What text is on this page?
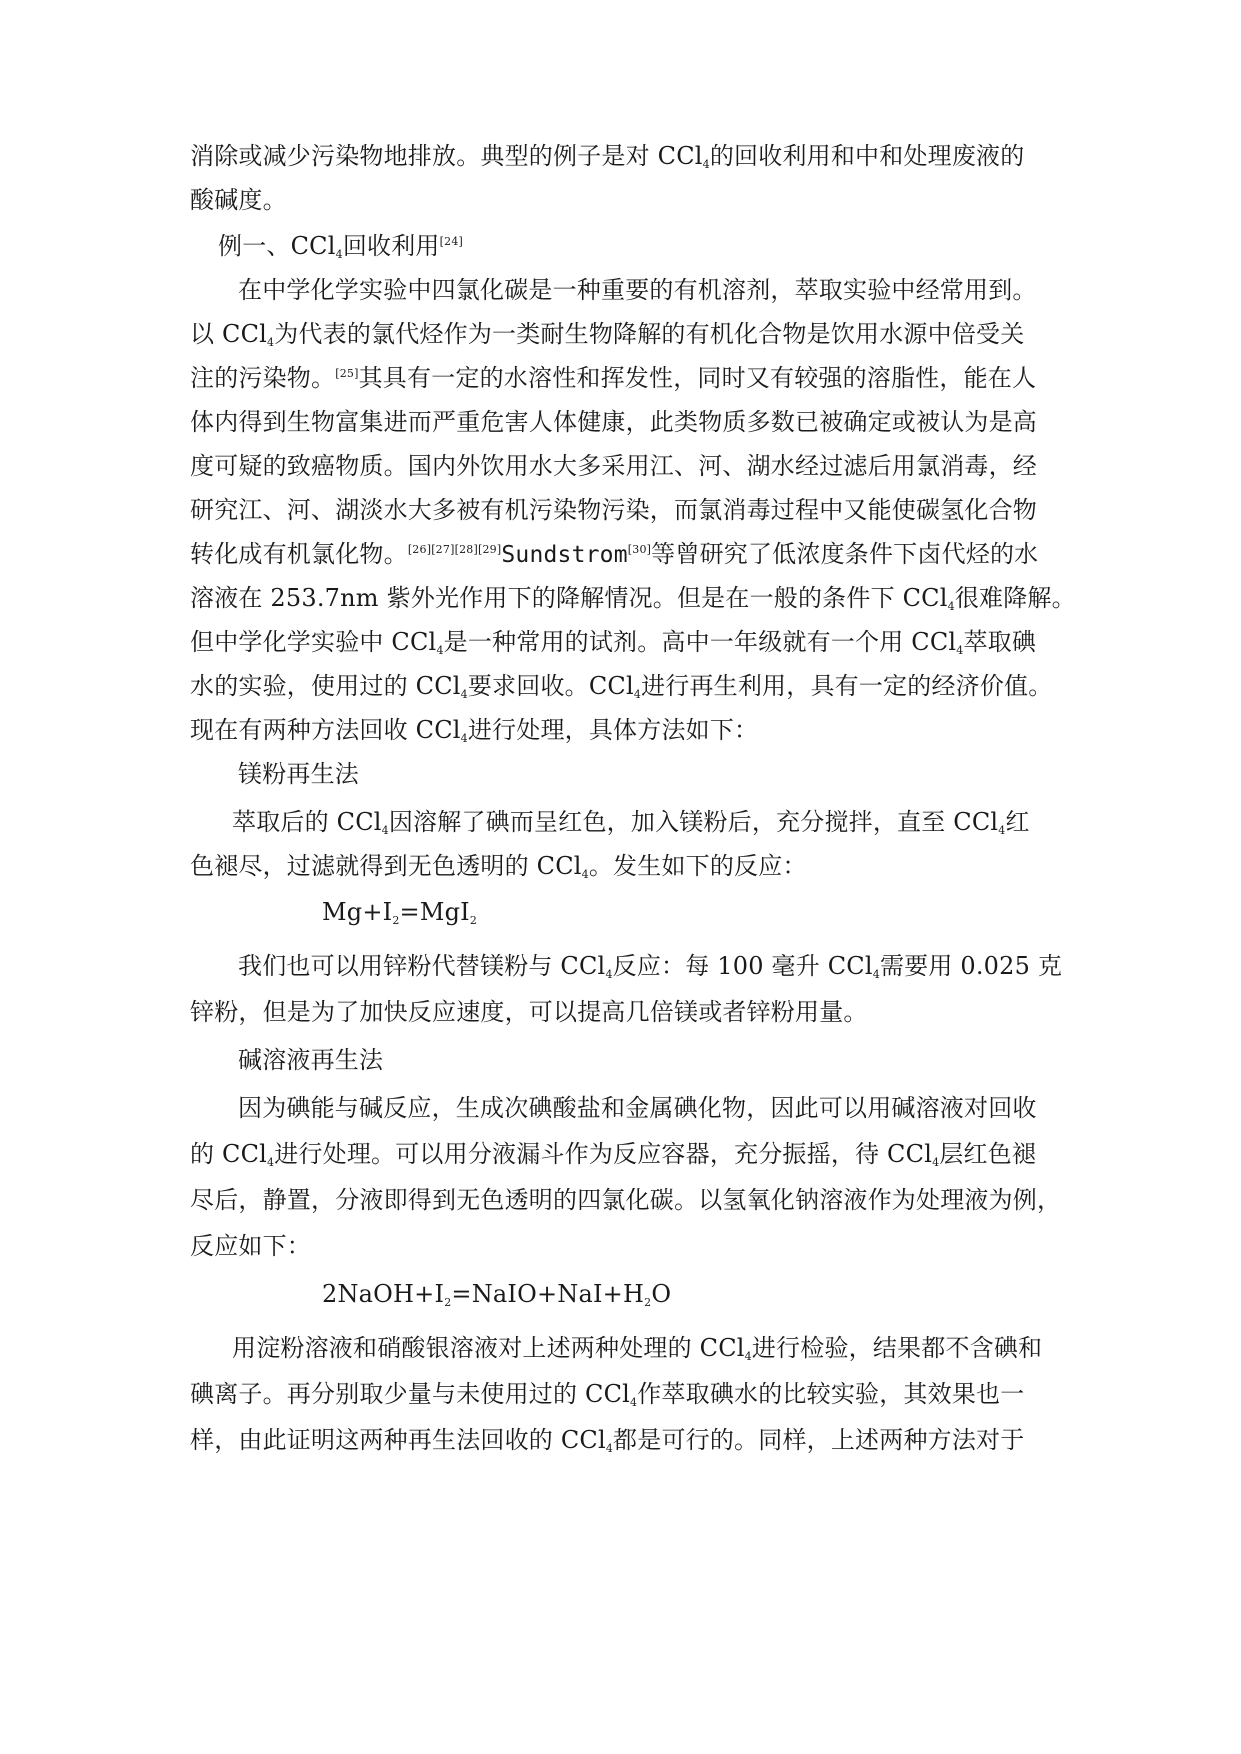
消除或减少污染物地排放。典型的例子是对 CCl$_4$的回收利用和中和处理废液的
酸碱度。
例一、CCl$_4$回收利用[24]
在中学化学实验中四氯化碳是一种重要的有机溶剂，萃取实验中经常用到。
以 CCl$_4$为代表的氯代烃作为一类耐生物降解的有机化合物是饮用水源中倍受关
注的污染物。[25]其具有一定的水溶性和挥发性，同时又有较强的溶脂性，能在人
体内得到生物富集进而严重危害人体健康，此类物质多数已被确定或被认为是高
度可疑的致癌物质。国内外饮用水大多采用江、河、湖水经过滤后用氯消毒，经
研究江、河、湖淡水大多被有机污染物污染，而氯消毒过程中又能使碳氢化合物
转化成有机氯化物。[26][27][28][29]Sundstrom[30]等曾研究了低浓度条件下卤代烃的水
溶液在 253.7nm 紫外光作用下的降解情况。但是在一般的条件下 CCl$_4$很难降解。
但中学化学实验中 CCl$_4$是一种常用的试剂。高中一年级就有一个用 CCl$_4$萃取碘
水的实验，使用过的 CCl$_4$要求回收。CCl$_4$进行再生利用，具有一定的经济价值。
现在有两种方法回收 CCl$_4$进行处理，具体方法如下：
镁粉再生法
萃取后的 CCl$_4$因溶解了碘而呈红色，加入镁粉后，充分搅拌，直至 CCl$_4$红
色褪尽，过滤就得到无色透明的 CCl$_4$。发生如下的反应：
$Mg+I_2=MgI_2$
我们也可以用锌粉代替镁粉与 CCl$_4$反应：每 100 毫升 CCl$_4$需要用 0.025 克
锌粉，但是为了加快反应速度，可以提高几倍镁或者锌粉用量。
碱溶液再生法
因为碘能与碱反应，生成次碘酸盐和金属碘化物，因此可以用碱溶液对回收
的 CCl$_4$进行处理。可以用分液漏斗作为反应容器，充分振摇，待 CCl$_4$层红色褪
尽后，静置，分液即得到无色透明的四氯化碳。以氢氧化钠溶液作为处理液为例，
反应如下：
$2NaOH+I_2=NaIO+NaI+H_2O$
用淀粉溶液和硝酸银溶液对上述两种处理的 CCl$_4$进行检验，结果都不含碘和
碘离子。再分别取少量与未使用过的 CCl$_4$作萃取碘水的比较实验，其效果也一
样，由此证明这两种再生法回收的 CCl$_4$都是可行的。同样，上述两种方法对于
